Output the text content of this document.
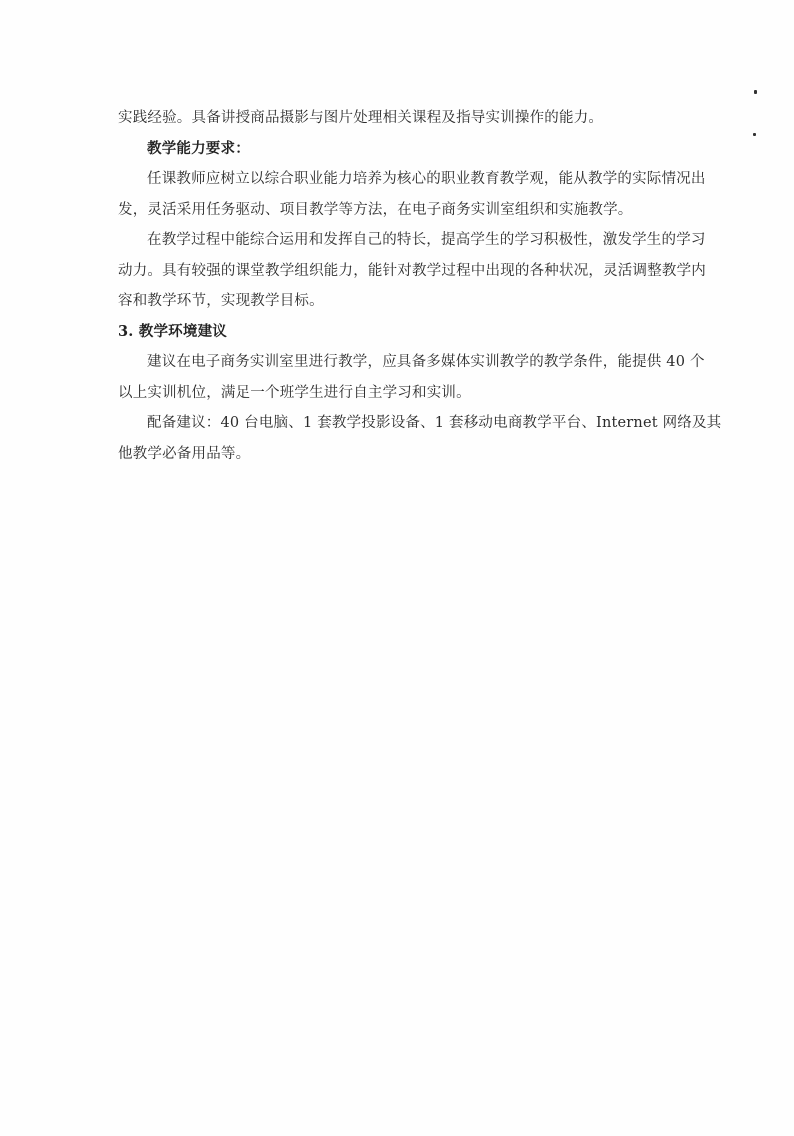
实践经验。具备讲授商品摄影与图片处理相关课程及指导实训操作的能力。
教学能力要求：
任课教师应树立以综合职业能力培养为核心的职业教育教学观，能从教学的实际情况出
发，灵活采用任务驱动、项目教学等方法，在电子商务实训室组织和实施教学。
在教学过程中能综合运用和发挥自己的特长，提高学生的学习积极性，激发学生的学习
动力。具有较强的课堂教学组织能力，能针对教学过程中出现的各种状况，灵活调整教学内
容和教学环节，实现教学目标。
3. 教学环境建议
建议在电子商务实训室里进行教学，应具备多媒体实训教学的教学条件，能提供 40 个
以上实训机位，满足一个班学生进行自主学习和实训。
配备建议：40 台电脑、1 套教学投影设备、1 套移动电商教学平台、Internet 网络及其
他教学必备用品等。
